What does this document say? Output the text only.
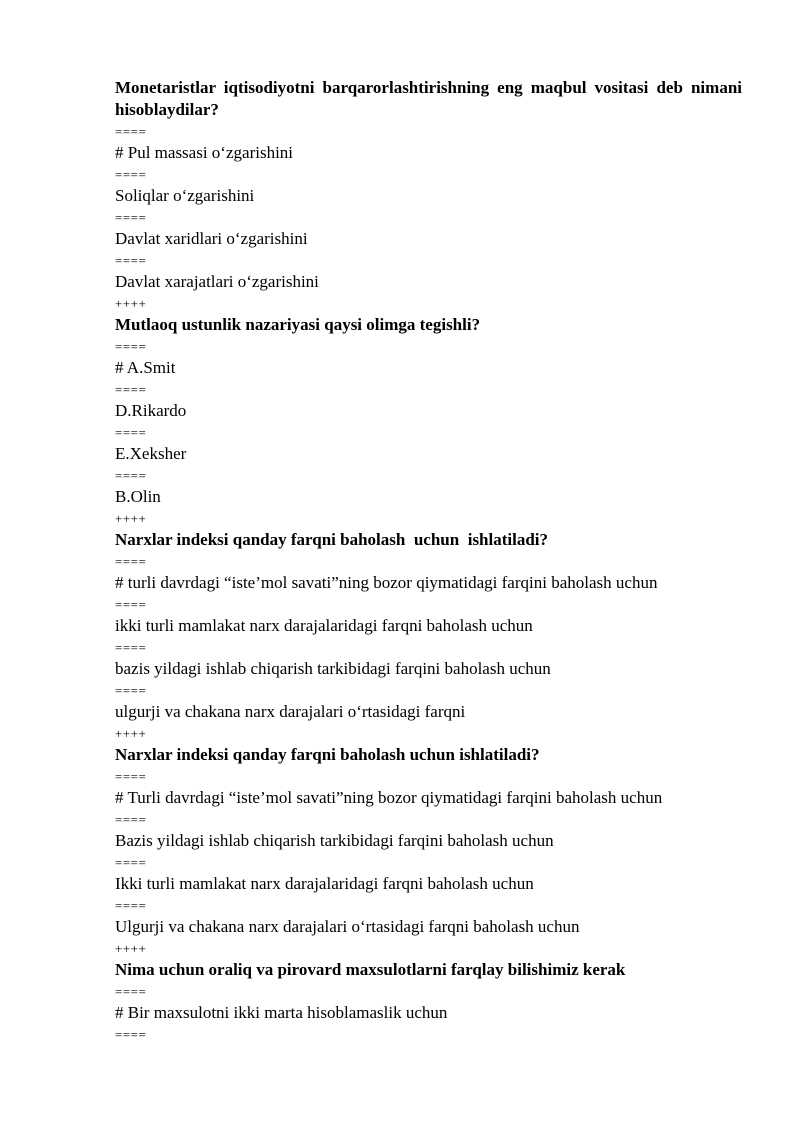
Monetaristlar iqtisodiyotni barqarorlashtirishning eng maqbul vositasi deb nimani hisoblaydilar?

====

# Pul massasi o‘zgarishini

====

Soliqlar o‘zgarishini

====

Davlat xaridlari o‘zgarishini

====

Davlat xarajatlari o‘zgarishini

++++

Mutlaoq ustunlik nazariyasi qaysi olimga tegishli?

====

# A.Smit

====

D.Rikardo

====

E.Xeksher

====

B.Olin

++++

Narxlar indeksi qanday farqni baholash  uchun  ishlatiladi?

====

# turli davrdagi “iste’mol savati”ning bozor qiymatidagi farqini baholash uchun

====

ikki turli mamlakat narx darajalaridagi farqni baholash uchun

====

bazis yildagi ishlab chiqarish tarkibidagi farqini baholash uchun

====

ulgurji va chakana narx darajalari o‘rtasidagi farqni

++++

Narxlar indeksi qanday farqni baholash uchun ishlatiladi?

====

# Turli davrdagi “iste’mol savati”ning bozor qiymatidagi farqini baholash uchun

====

Bazis yildagi ishlab chiqarish tarkibidagi farqini baholash uchun

====

Ikki turli mamlakat narx darajalaridagi farqni baholash uchun

====

Ulgurji va chakana narx darajalari o‘rtasidagi farqni baholash uchun

++++

Nima uchun oraliq va pirovard maxsulotlarni farqlay bilishimiz kerak

====

# Bir maxsulotni ikki marta hisoblamaslik uchun

====
